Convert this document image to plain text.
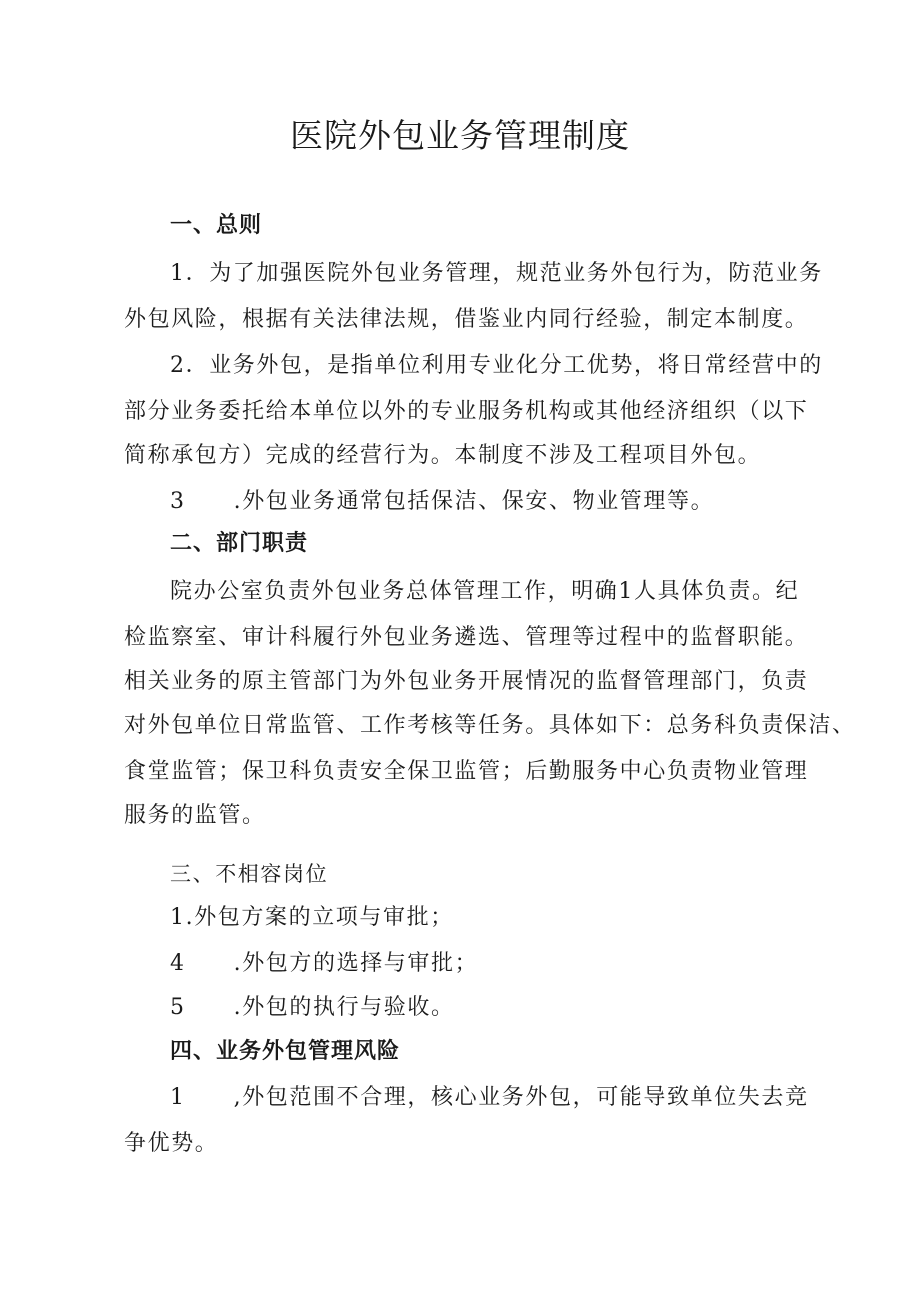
医院外包业务管理制度
一、总则
1．为了加强医院外包业务管理，规范业务外包行为，防范业务
外包风险，根据有关法律法规，借鉴业内同行经验，制定本制度。
2．业务外包，是指单位利用专业化分工优势，将日常经营中的
部分业务委托给本单位以外的专业服务机构或其他经济组织（以下
简称承包方）完成的经营行为。本制度不涉及工程项目外包。
3 .外包业务通常包括保洁、保安、物业管理等。
二、部门职责
院办公室负责外包业务总体管理工作，明确1人具体负责。纪
检监察室、审计科履行外包业务遴选、管理等过程中的监督职能。
相关业务的原主管部门为外包业务开展情况的监督管理部门，负责
对外包单位日常监管、工作考核等任务。具体如下：总务科负责保洁、
食堂监管；保卫科负责安全保卫监管；后勤服务中心负责物业管理
服务的监管。
三、不相容岗位
1.外包方案的立项与审批；
4 .外包方的选择与审批；
5 .外包的执行与验收。
四、业务外包管理风险
1 ,外包范围不合理，核心业务外包，可能导致单位失去竞
争优势。
